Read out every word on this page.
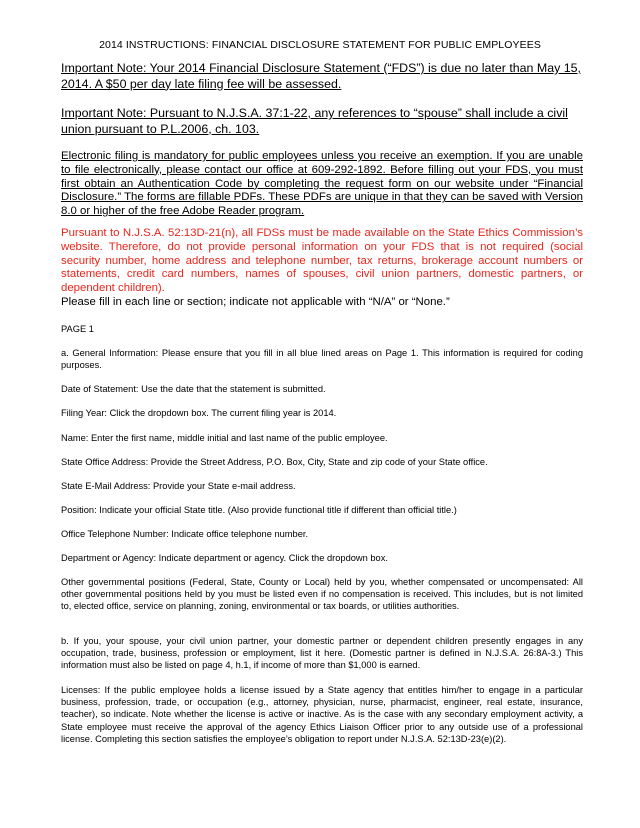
2014 INSTRUCTIONS: FINANCIAL DISCLOSURE STATEMENT FOR PUBLIC EMPLOYEES
Important Note: Your 2014 Financial Disclosure Statement (“FDS”) is due no later than May 15, 2014. A $50 per day late filing fee will be assessed.
Important Note: Pursuant to N.J.S.A. 37:1-22, any references to “spouse” shall include a civil union pursuant to P.L.2006, ch. 103.
Electronic filing is mandatory for public employees unless you receive an exemption. If you are unable to file electronically, please contact our office at 609-292-1892. Before filling out your FDS, you must first obtain an Authentication Code by completing the request form on our website under “Financial Disclosure.” The forms are fillable PDFs. These PDFs are unique in that they can be saved with Version 8.0 or higher of the free Adobe Reader program.
Pursuant to N.J.S.A. 52:13D-21(n), all FDSs must be made available on the State Ethics Commission’s website. Therefore, do not provide personal information on your FDS that is not required (social security number, home address and telephone number, tax returns, brokerage account numbers or statements, credit card numbers, names of spouses, civil union partners, domestic partners, or dependent children).
Please fill in each line or section; indicate not applicable with “N/A” or “None.”
PAGE 1
a. General Information: Please ensure that you fill in all blue lined areas on Page 1. This information is required for coding purposes.
Date of Statement: Use the date that the statement is submitted.
Filing Year: Click the dropdown box. The current filing year is 2014.
Name: Enter the first name, middle initial and last name of the public employee.
State Office Address: Provide the Street Address, P.O. Box, City, State and zip code of your State office.
State E-Mail Address: Provide your State e-mail address.
Position: Indicate your official State title. (Also provide functional title if different than official title.)
Office Telephone Number: Indicate office telephone number.
Department or Agency: Indicate department or agency. Click the dropdown box.
Other governmental positions (Federal, State, County or Local) held by you, whether compensated or uncompensated: All other governmental positions held by you must be listed even if no compensation is received. This includes, but is not limited to, elected office, service on planning, zoning, environmental or tax boards, or utilities authorities.
b. If you, your spouse, your civil union partner, your domestic partner or dependent children presently engages in any occupation, trade, business, profession or employment, list it here. (Domestic partner is defined in N.J.S.A. 26:8A-3.) This information must also be listed on page 4, h.1, if income of more than $1,000 is earned.
Licenses: If the public employee holds a license issued by a State agency that entitles him/her to engage in a particular business, profession, trade, or occupation (e.g., attorney, physician, nurse, pharmacist, engineer, real estate, insurance, teacher), so indicate. Note whether the license is active or inactive. As is the case with any secondary employment activity, a State employee must receive the approval of the agency Ethics Liaison Officer prior to any outside use of a professional license. Completing this section satisfies the employee’s obligation to report under N.J.S.A. 52:13D-23(e)(2).
